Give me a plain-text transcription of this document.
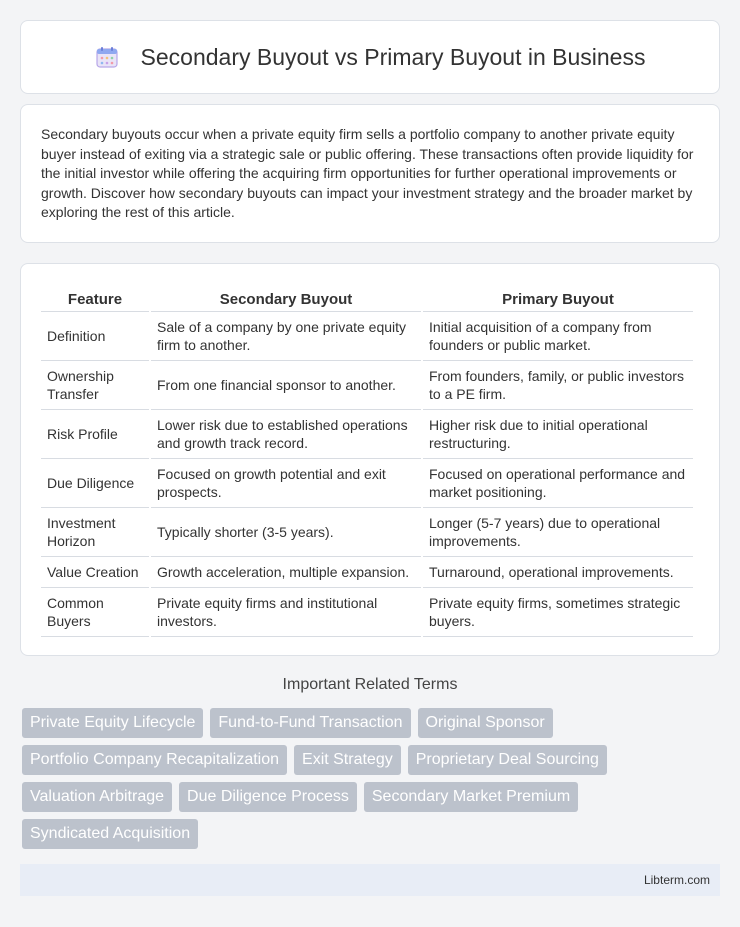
Secondary Buyout vs Primary Buyout in Business

Secondary buyouts occur when a private equity firm sells a portfolio company to another private equity buyer instead of exiting via a strategic sale or public offering. These transactions often provide liquidity for the initial investor while offering the acquiring firm opportunities for further operational improvements or growth. Discover how secondary buyouts can impact your investment strategy and the broader market by exploring the rest of this article.

Feature	Secondary Buyout	Primary Buyout
Definition	Sale of a company by one private equity firm to another.	Initial acquisition of a company from founders or public market.
Ownership Transfer	From one financial sponsor to another.	From founders, family, or public investors to a PE firm.
Risk Profile	Lower risk due to established operations and growth track record.	Higher risk due to initial operational restructuring.
Due Diligence	Focused on growth potential and exit prospects.	Focused on operational performance and market positioning.
Investment Horizon	Typically shorter (3-5 years).	Longer (5-7 years) due to operational improvements.
Value Creation	Growth acceleration, multiple expansion.	Turnaround, operational improvements.
Common Buyers	Private equity firms and institutional investors.	Private equity firms, sometimes strategic buyers.
Important Related Terms
Private Equity Lifecycle	Fund-to-Fund Transaction	Original Sponsor
Portfolio Company Recapitalization	Exit Strategy	Proprietary Deal Sourcing
Valuation Arbitrage	Due Diligence Process	Secondary Market Premium
Syndicated Acquisition
Libterm.com
